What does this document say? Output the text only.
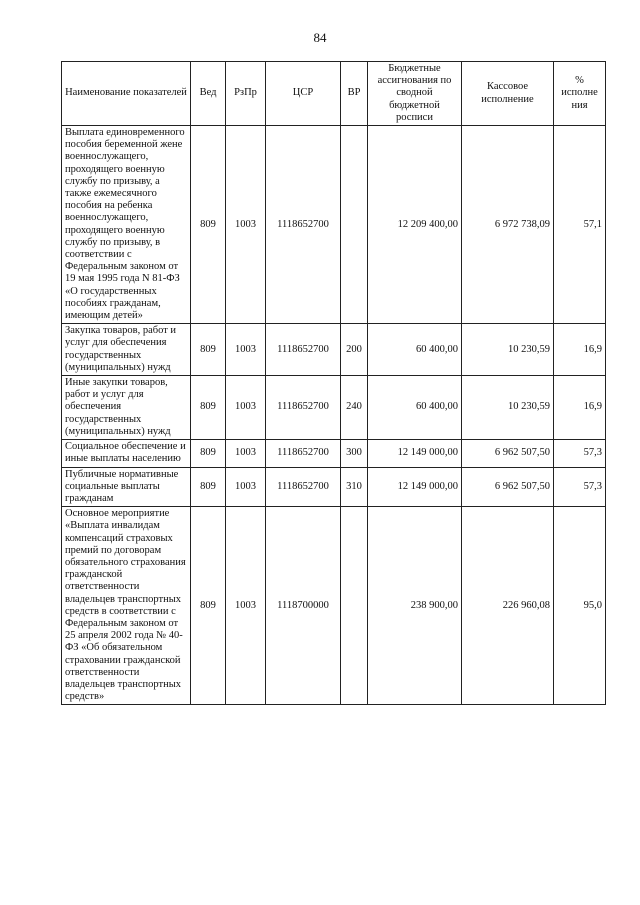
84
Наименование показателей	Вед	РзПр	ЦСР	ВР	Бюджетные ассигнования по сводной бюджетной росписи	Кассовое исполнение	% исполне ния
Выплата единовременного пособия беременной жене военнослужащего, проходящего военную службу по призыву, а также ежемесячного пособия на ребенка военнослужащего, проходящего военную службу по призыву, в соответствии с Федеральным законом от 19 мая 1995 года N 81-ФЗ «О государственных пособиях гражданам, имеющим детей»	809	1003	1118652700		12 209 400,00	6 972 738,09	57,1
Закупка товаров, работ и услуг для обеспечения государственных (муниципальных) нужд	809	1003	1118652700	200	60 400,00	10 230,59	16,9
Иные закупки товаров, работ и услуг для обеспечения государственных (муниципальных) нужд	809	1003	1118652700	240	60 400,00	10 230,59	16,9
Социальное обеспечение и иные выплаты населению	809	1003	1118652700	300	12 149 000,00	6 962 507,50	57,3
Публичные нормативные социальные выплаты гражданам	809	1003	1118652700	310	12 149 000,00	6 962 507,50	57,3
Основное мероприятие «Выплата инвалидам компенсаций страховых премий по договорам обязательного страхования гражданской ответственности владельцев транспортных средств в соответствии с Федеральным законом от 25 апреля 2002 года № 40-ФЗ «Об обязательном страховании гражданской ответственности владельцев транспортных средств»	809	1003	1118700000		238 900,00	226 960,08	95,0
